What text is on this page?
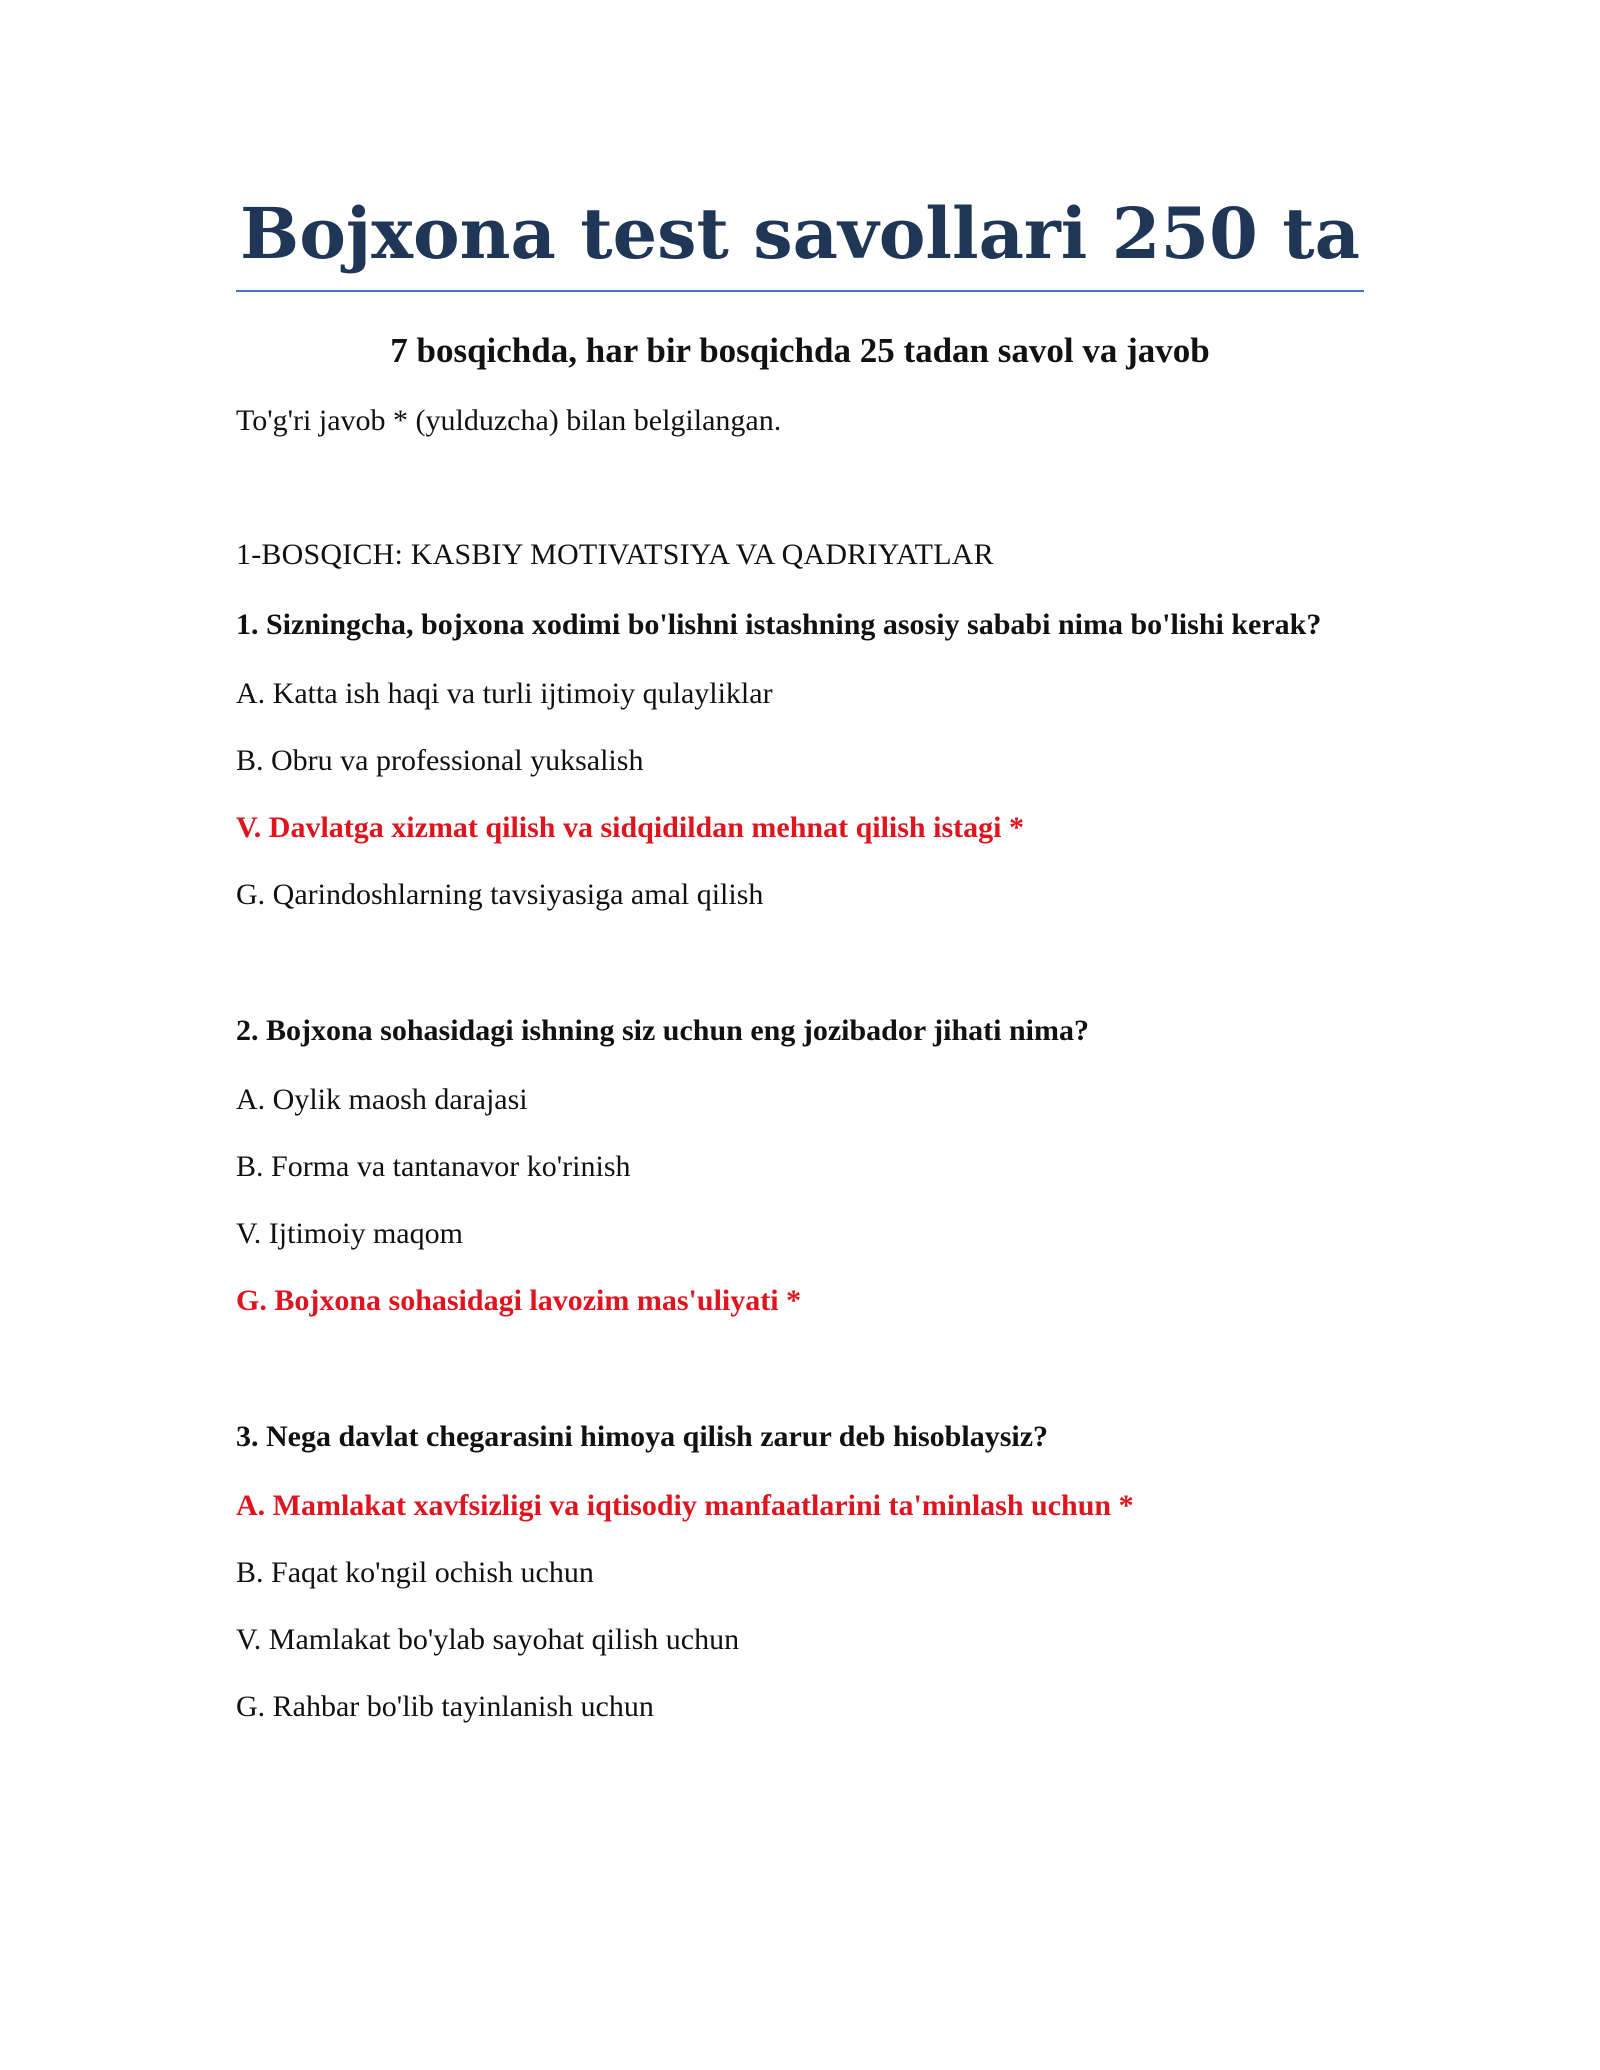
Bojxona test savollari 250 ta
7 bosqichda, har bir bosqichda 25 tadan savol va javob

To'g'ri javob * (yulduzcha) bilan belgilangan.

1-BOSQICH: KASBIY MOTIVATSIYA VA QADRIYATLAR

1. Sizningcha, bojxona xodimi bo'lishni istashning asosiy sababi nima bo'lishi kerak?

A. Katta ish haqi va turli ijtimoiy qulayliklar
B. Obru va professional yuksalish
V. Davlatga xizmat qilish va sidqidildan mehnat qilish istagi *
G. Qarindoshlarning tavsiyasiga amal qilish

2. Bojxona sohasidagi ishning siz uchun eng jozibador jihati nima?

A. Oylik maosh darajasi
B. Forma va tantanavor ko'rinish
V. Ijtimoiy maqom
G. Bojxona sohasidagi lavozim mas'uliyati *

3. Nega davlat chegarasini himoya qilish zarur deb hisoblaysiz?

A. Mamlakat xavfsizligi va iqtisodiy manfaatlarini ta'minlash uchun *
B. Faqat ko'ngil ochish uchun
V. Mamlakat bo'ylab sayohat qilish uchun
G. Rahbar bo'lib tayinlanish uchun
